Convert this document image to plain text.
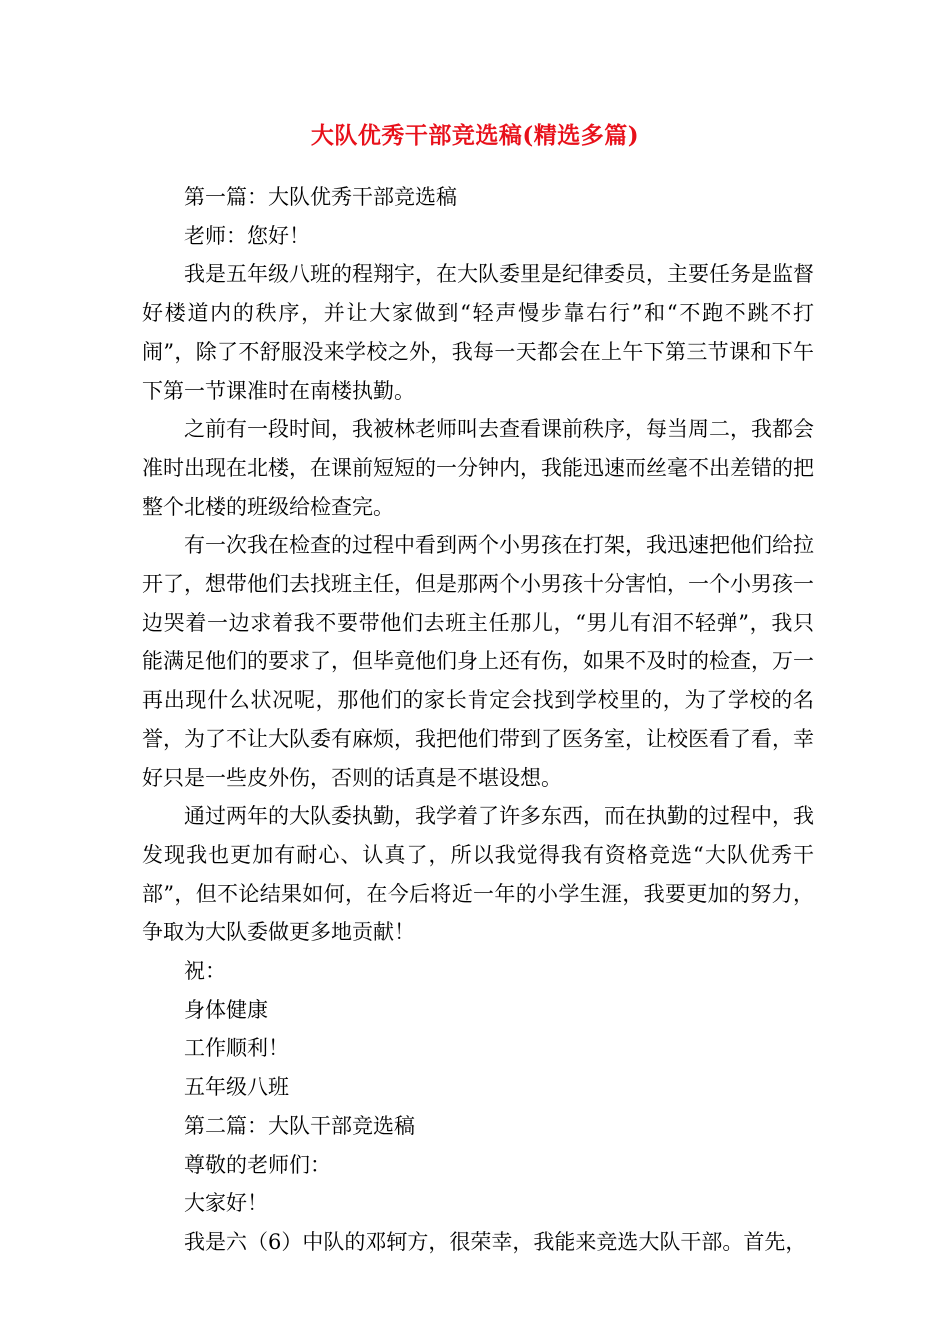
大队优秀干部竞选稿(精选多篇)

第一篇：大队优秀干部竞选稿

老师：您好！

我是五年级八班的程翔宇，在大队委里是纪律委员，主要任务是监督好楼道内的秩序，并让大家做到“轻声慢步靠右行”和“不跑不跳不打闹”，除了不舒服没来学校之外，我每一天都会在上午下第三节课和下午下第一节课准时在南楼执勤。

之前有一段时间，我被林老师叫去查看课前秩序，每当周二，我都会准时出现在北楼，在课前短短的一分钟内，我能迅速而丝毫不出差错的把整个北楼的班级给检查完。

有一次我在检查的过程中看到两个小男孩在打架，我迅速把他们给拉开了，想带他们去找班主任，但是那两个小男孩十分害怕，一个小男孩一边哭着一边求着我不要带他们去班主任那儿，“男儿有泪不轻弹”，我只能满足他们的要求了，但毕竟他们身上还有伤，如果不及时的检查，万一再出现什么状况呢，那他们的家长肯定会找到学校里的，为了学校的名誉，为了不让大队委有麻烦，我把他们带到了医务室，让校医看了看，幸好只是一些皮外伤，否则的话真是不堪设想。

通过两年的大队委执勤，我学着了许多东西，而在执勤的过程中，我发现我也更加有耐心、认真了，所以我觉得我有资格竞选“大队优秀干部”，但不论结果如何，在今后将近一年的小学生涯，我要更加的努力，争取为大队委做更多地贡献！

祝：

身体健康

工作顺利！

五年级八班

第二篇：大队干部竞选稿

尊敬的老师们：

大家好！

我是六（6）中队的邓轲方，很荣幸，我能来竞选大队干部。首先，
